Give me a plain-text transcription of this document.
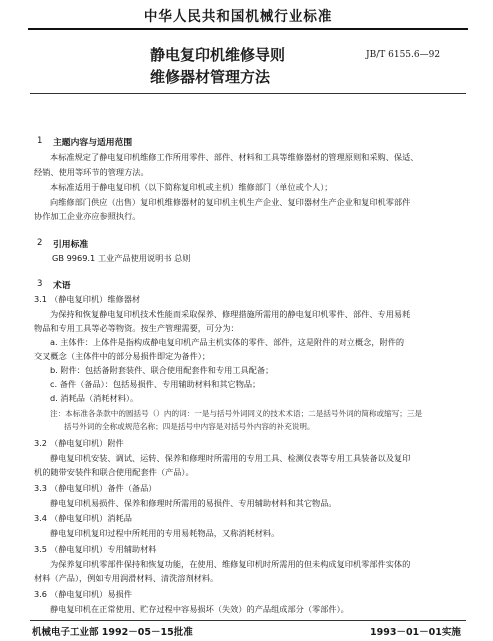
中华人民共和国机械行业标准
静电复印机维修导则
维修器材管理方法
JB/T 6155.6—92
1 主题内容与适用范围
本标准规定了静电复印机维修工作所用零件、部件、材料和工具等维修器材的管理原则和采购、保适、
经销、使用等环节的管理方法。
本标准适用于静电复印机（以下简称复印机或主机）维修部门（单位或个人）；
向维修部门供应（出售）复印机维修器材的复印机主机生产企业、复印器材生产企业和复印机零部件
协作加工企业亦应参照执行。
2 引用标准
GB 9969.1 工业产品使用说明书 总则
3 术语
3.1 （静电复印机）维修器材
为保持和恢复静电复印机技术性能而采取保养、修理措施所需用的静电复印机零件、部件、专用易耗
物品和专用工具等必等物资。按生产管理需要，可分为：
a. 主体件：上体件是指构成静电复印机产品主机实体的零件、部件，这是附件的对立概念，附件的
交叉概念（主体件中的部分易损件即定为备件）；
b. 附件：包括备附套装件、联合使用配套件和专用工具配备；
c. 备件（备品）：包括易损件、专用辅助材料和其它物品；
d. 消耗品（消耗材料）。
注：本标准各条款中的圆括号（）内的词：一是与括号外词同义的技术术语；二是括号外词的简称或缩写；三是
括号外词的全称或规范名称；四是括号中内容是对括号外内容的补充说明。
3.2 （静电复印机）附件
静电复印机安装、调试、运转、保养和修理时所需用的专用工具、检测仪表等专用工具装备以及复印
机的随带安装件和联合使用配套件（产品）。
3.3 （静电复印机）备件（备品）
静电复印机易损件、保养和修理时所需用的易损件、专用辅助材料和其它物品。
3.4 （静电复印机）消耗品
静电复印机复印过程中所耗用的专用易耗物品，又称消耗材料。
3.5 （静电复印机）专用辅助材料
为保养复印机零部件保持和恢复功能，在使用、维修复印机时所需用的但未构成复印机零部件实体的
材料（产品），例如专用润滑材料、清洗溶剂材料。
3.6 （静电复印机）易损件
静电复印机在正常使用、贮存过程中容易损坏（失效）的产品组成部分（零部件）。
机械电子工业部 1992－05－15批准	1993－01－01实施
